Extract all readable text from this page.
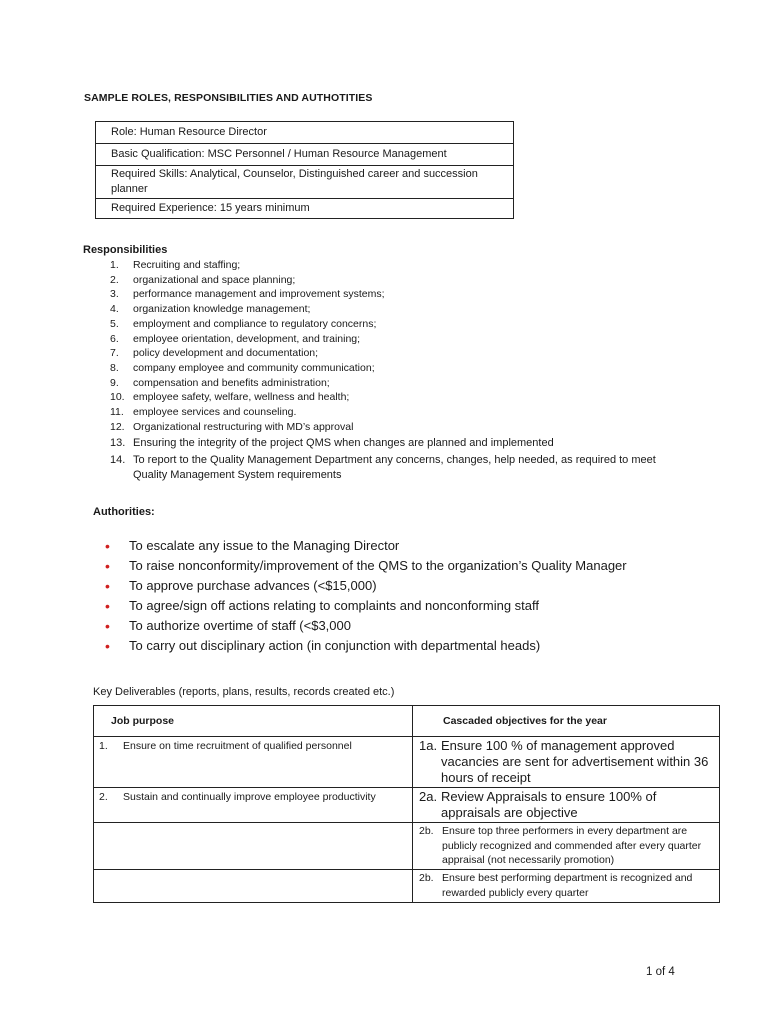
SAMPLE ROLES, RESPONSIBILITIES AND AUTHOTITIES
Role: Human Resource Director
Basic Qualification: MSC Personnel / Human Resource Management
Required Skills: Analytical, Counselor, Distinguished career and succession planner
Required Experience: 15 years minimum
Responsibilities
1. Recruiting and staffing;
2. organizational and space planning;
3. performance management and improvement systems;
4. organization knowledge management;
5. employment and compliance to regulatory concerns;
6. employee orientation, development, and training;
7. policy development and documentation;
8. company employee and community communication;
9. compensation and benefits administration;
10. employee safety, welfare, wellness and health;
11. employee services and counseling.
12. Organizational restructuring with MD’s approval
13. Ensuring the integrity of the project QMS when changes are planned and implemented
14. To report to the Quality Management Department any concerns, changes, help needed, as required to meet Quality Management System requirements
Authorities:
• To escalate any issue to the Managing Director
• To raise nonconformity/improvement of the QMS to the organization’s Quality Manager
• To approve purchase advances (<$15,000)
• To agree/sign off actions relating to complaints and nonconforming staff
• To authorize overtime of staff (<$3,000
• To carry out disciplinary action (in conjunction with departmental heads)
Key Deliverables (reports, plans, results, records created etc.)
Job purpose	Cascaded objectives for the year

1. Ensure on time recruitment of qualified personnel	1a. Ensure 100 % of management approved vacancies are sent for advertisement within 36 hours of receipt

2. Sustain and continually improve employee productivity	2a. Review Appraisals to ensure 100% of appraisals are objective

	2b. Ensure top three performers in every department are publicly recognized and commended after every quarter appraisal (not necessarily promotion)

	2b. Ensure best performing department is recognized and rewarded publicly every quarter
1 of 4
